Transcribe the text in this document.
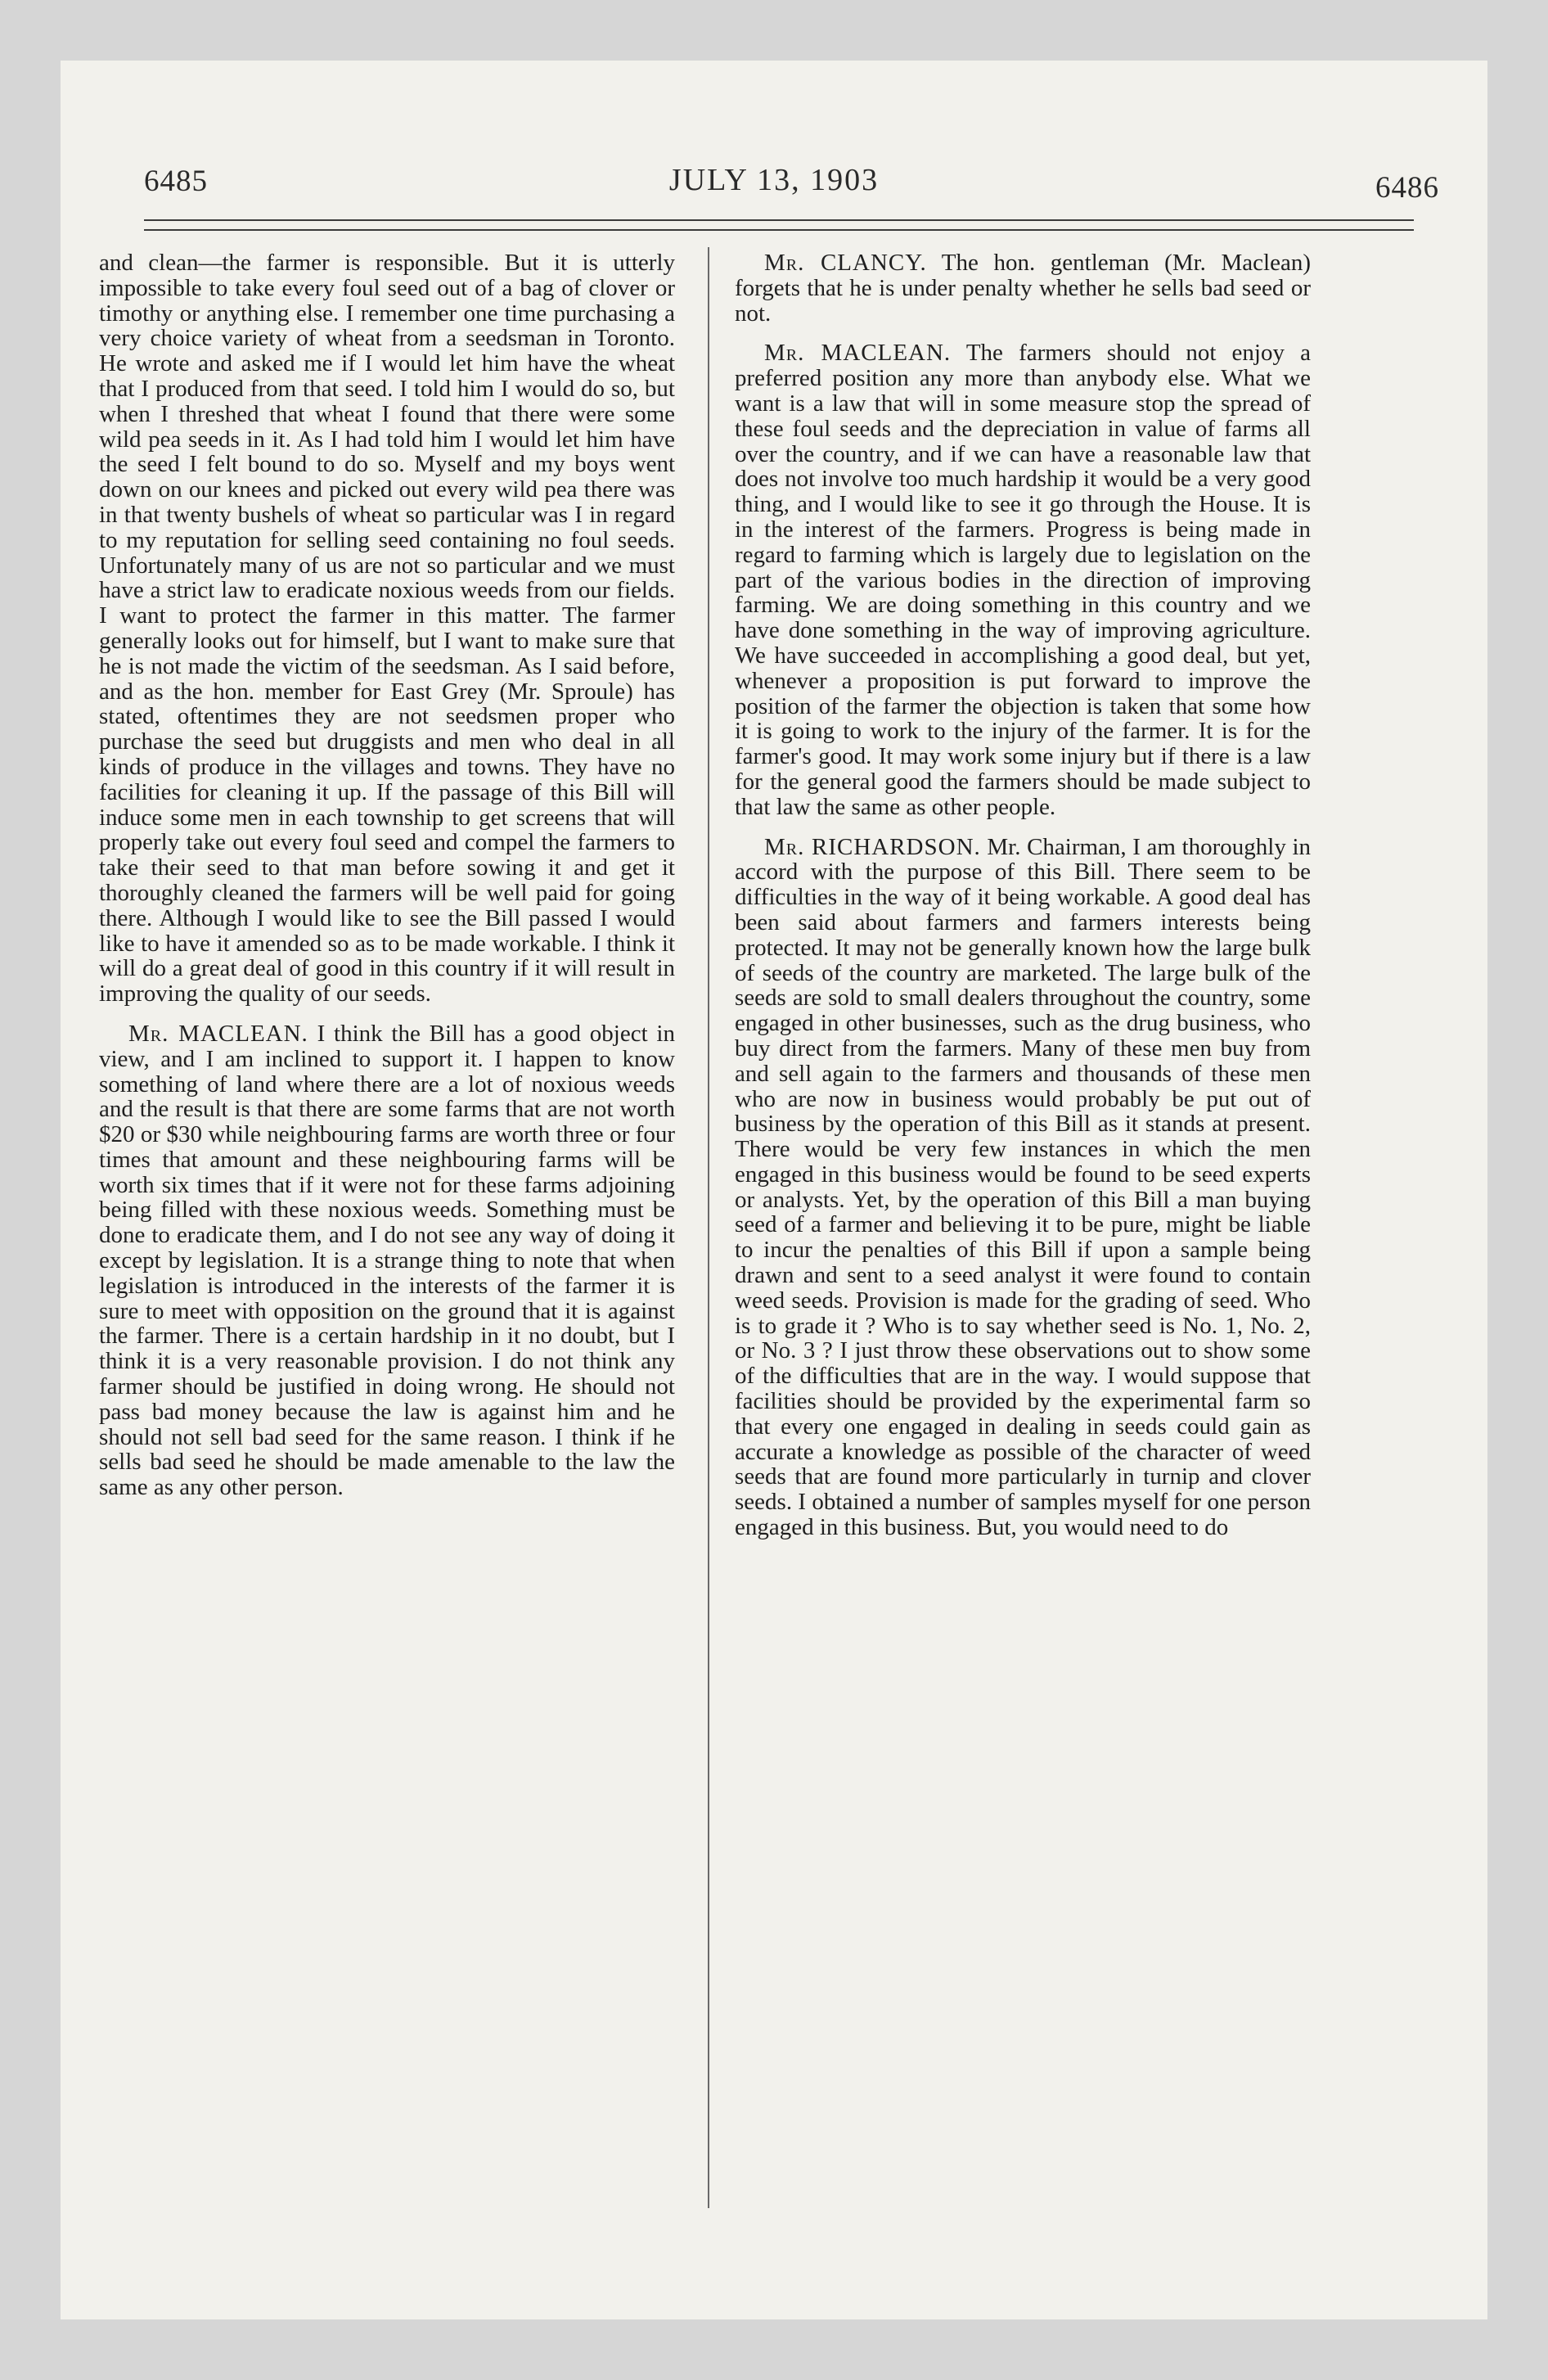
6485	JULY 13, 1903	6486

and clean—the farmer is responsible. But it is utterly impossible to take every foul seed out of a bag of clover or timothy or anything else. I remember one time purchasing a very choice variety of wheat from a seedsman in Toronto. He wrote and asked me if I would let him have the wheat that I produced from that seed. I told him I would do so, but when I threshed that wheat I found that there were some wild pea seeds in it. As I had told him I would let him have the seed I felt bound to do so. Myself and my boys went down on our knees and picked out every wild pea there was in that twenty bushels of wheat so particular was I in regard to my reputation for selling seed containing no foul seeds. Unfortunately many of us are not so particular and we must have a strict law to eradicate noxious weeds from our fields. I want to protect the farmer in this matter. The farmer generally looks out for himself, but I want to make sure that he is not made the victim of the seedsman. As I said before, and as the hon. member for East Grey (Mr. Sproule) has stated, oftentimes they are not seedsmen proper who purchase the seed but druggists and men who deal in all kinds of produce in the villages and towns. They have no facilities for cleaning it up. If the passage of this Bill will induce some men in each township to get screens that will properly take out every foul seed and compel the farmers to take their seed to that man before sowing it and get it thoroughly cleaned the farmers will be well paid for going there. Although I would like to see the Bill passed I would like to have it amended so as to be made workable. I think it will do a great deal of good in this country if it will result in improving the quality of our seeds.

Mr. MACLEAN. I think the Bill has a good object in view, and I am inclined to support it. I happen to know something of land where there are a lot of noxious weeds and the result is that there are some farms that are not worth $20 or $30 while neighbouring farms are worth three or four times that amount and these neighbouring farms will be worth six times that if it were not for these farms adjoining being filled with these noxious weeds. Something must be done to eradicate them, and I do not see any way of doing it except by legislation. It is a strange thing to note that when legislation is introduced in the interests of the farmer it is sure to meet with opposition on the ground that it is against the farmer. There is a certain hardship in it no doubt, but I think it is a very reasonable provision. I do not think any farmer should be justified in doing wrong. He should not pass bad money because the law is against him and he should not sell bad seed for the same reason. I think if he sells bad seed he should be made amenable to the law the same as any other person.

Mr. CLANCY. The hon. gentleman (Mr. Maclean) forgets that he is under penalty whether he sells bad seed or not.

Mr. MACLEAN. The farmers should not enjoy a preferred position any more than anybody else. What we want is a law that will in some measure stop the spread of these foul seeds and the depreciation in value of farms all over the country, and if we can have a reasonable law that does not involve too much hardship it would be a very good thing, and I would like to see it go through the House. It is in the interest of the farmers. Progress is being made in regard to farming which is largely due to legislation on the part of the various bodies in the direction of improving farming. We are doing something in this country and we have done something in the way of improving agriculture. We have succeeded in accomplishing a good deal, but yet, whenever a proposition is put forward to improve the position of the farmer the objection is taken that some how it is going to work to the injury of the farmer. It is for the farmer's good. It may work some injury but if there is a law for the general good the farmers should be made subject to that law the same as other people.

Mr. RICHARDSON. Mr. Chairman, I am thoroughly in accord with the purpose of this Bill. There seem to be difficulties in the way of it being workable. A good deal has been said about farmers and farmers interests being protected. It may not be generally known how the large bulk of seeds of the country are marketed. The large bulk of the seeds are sold to small dealers throughout the country, some engaged in other businesses, such as the drug business, who buy direct from the farmers. Many of these men buy from and sell again to the farmers and thousands of these men who are now in business would probably be put out of business by the operation of this Bill as it stands at present. There would be very few instances in which the men engaged in this business would be found to be seed experts or analysts. Yet, by the operation of this Bill a man buying seed of a farmer and believing it to be pure, might be liable to incur the penalties of this Bill if upon a sample being drawn and sent to a seed analyst it were found to contain weed seeds. Provision is made for the grading of seed. Who is to grade it ? Who is to say whether seed is No. 1, No. 2, or No. 3 ? I just throw these observations out to show some of the difficulties that are in the way. I would suppose that facilities should be provided by the experimental farm so that every one engaged in dealing in seeds could gain as accurate a knowledge as possible of the character of weed seeds that are found more particularly in turnip and clover seeds. I obtained a number of samples myself for one person engaged in this business. But, you would need to do
